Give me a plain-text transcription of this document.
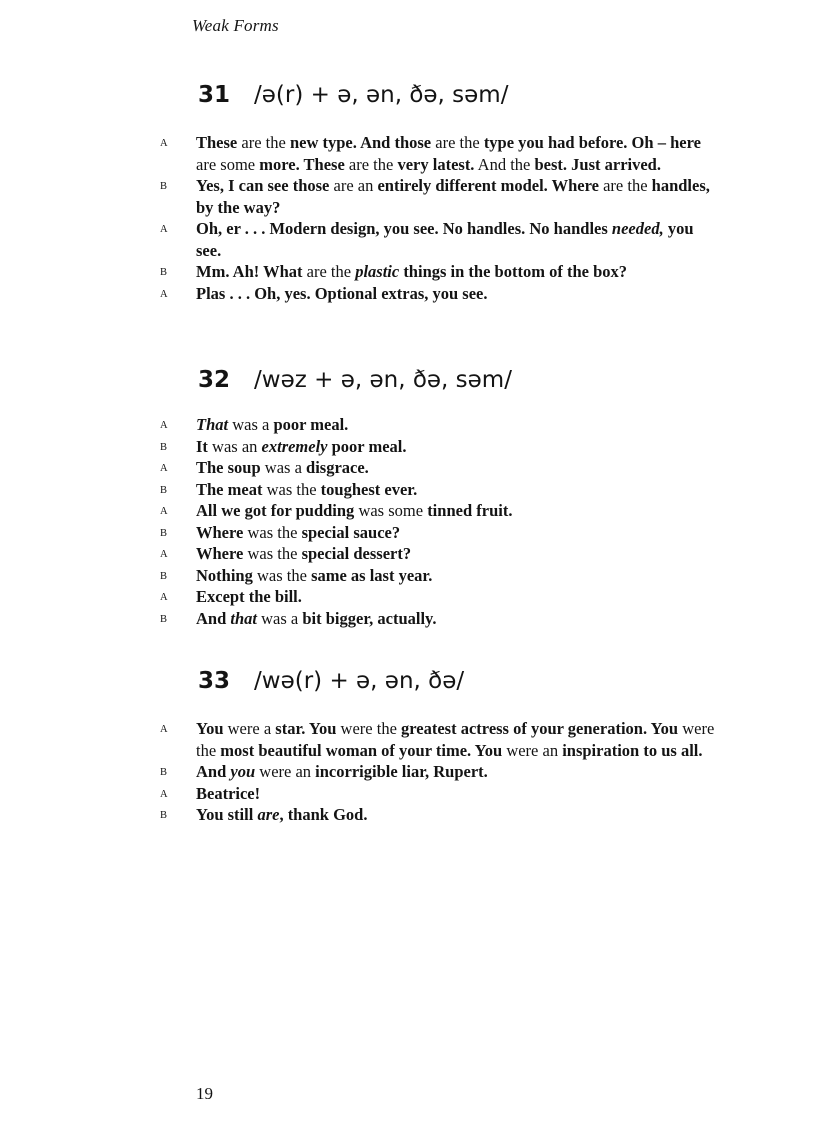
Weak Forms
31 /ə(r) + ə, ən, ðə, səm/
A These are the new type. And those are the type you had before. Oh – here are some more. These are the very latest. And the best. Just arrived.
B Yes, I can see those are an entirely different model. Where are the handles, by the way?
A Oh, er . . . Modern design, you see. No handles. No handles needed, you see.
B Mm. Ah! What are the plastic things in the bottom of the box?
A Plas . . . Oh, yes. Optional extras, you see.
32 /wəz + ə, ən, ðə, səm/
A That was a poor meal.
B It was an extremely poor meal.
A The soup was a disgrace.
B The meat was the toughest ever.
A All we got for pudding was some tinned fruit.
B Where was the special sauce?
A Where was the special dessert?
B Nothing was the same as last year.
A Except the bill.
B And that was a bit bigger, actually.
33 /wə(r) + ə, ən, ðə/
A You were a star. You were the greatest actress of your generation. You were the most beautiful woman of your time. You were an inspiration to us all.
B And you were an incorrigible liar, Rupert.
A Beatrice!
B You still are, thank God.
19
